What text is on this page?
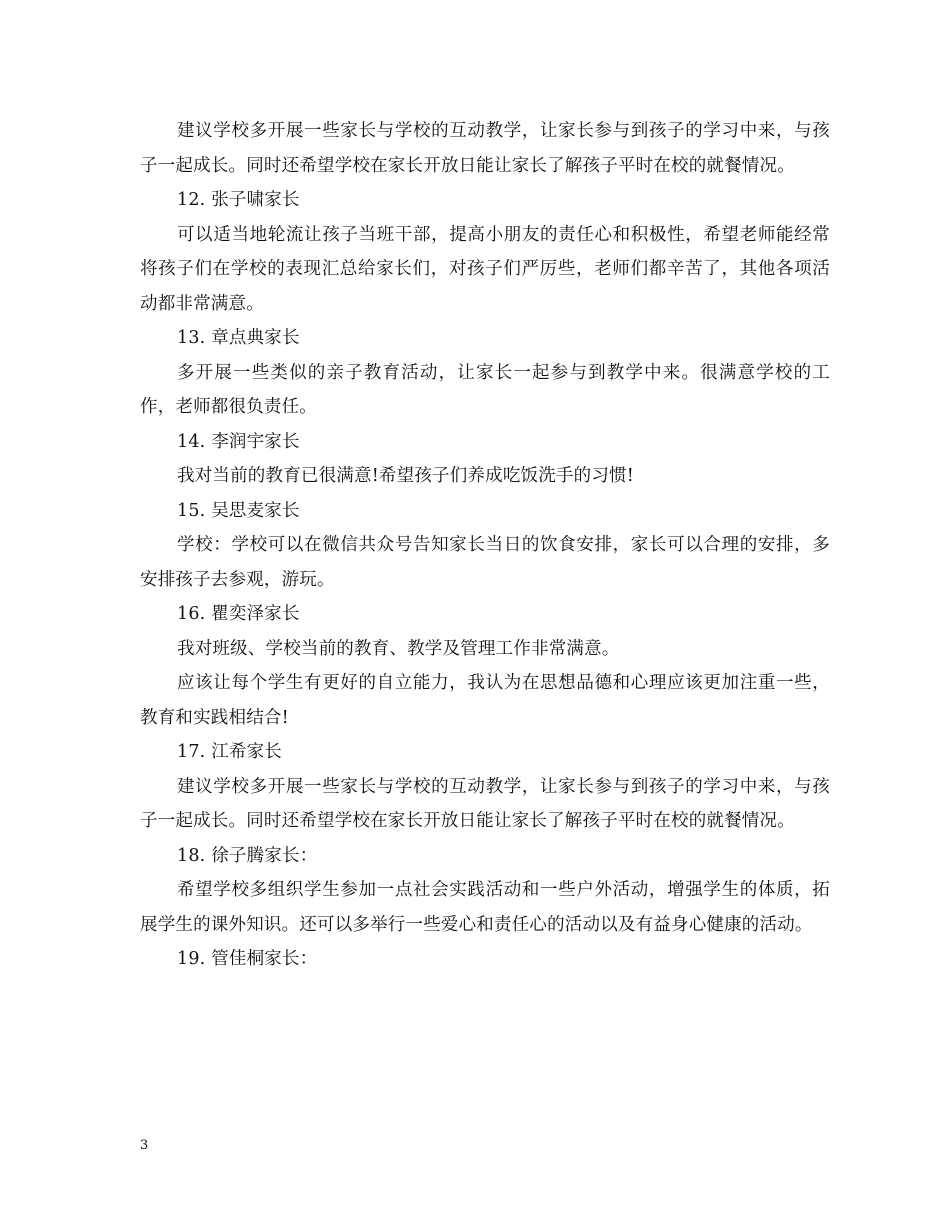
建议学校多开展一些家长与学校的互动教学，让家长参与到孩子的学习中来，与孩子一起成长。同时还希望学校在家长开放日能让家长了解孩子平时在校的就餐情况。

12. 张子啸家长

可以适当地轮流让孩子当班干部，提高小朋友的责任心和积极性，希望老师能经常将孩子们在学校的表现汇总给家长们，对孩子们严厉些，老师们都辛苦了，其他各项活动都非常满意。

13. 章点典家长

多开展一些类似的亲子教育活动，让家长一起参与到教学中来。很满意学校的工作，老师都很负责任。

14. 李润宇家长

我对当前的教育已很满意!希望孩子们养成吃饭洗手的习惯!

15. 吴思麦家长

学校：学校可以在微信共众号告知家长当日的饮食安排，家长可以合理的安排，多安排孩子去参观，游玩。

16. 瞿奕泽家长

我对班级、学校当前的教育、教学及管理工作非常满意。

应该让每个学生有更好的自立能力，我认为在思想品德和心理应该更加注重一些，教育和实践相结合!

17. 江希家长

建议学校多开展一些家长与学校的互动教学，让家长参与到孩子的学习中来，与孩子一起成长。同时还希望学校在家长开放日能让家长了解孩子平时在校的就餐情况。

18. 徐子腾家长：

希望学校多组织学生参加一点社会实践活动和一些户外活动，增强学生的体质，拓展学生的课外知识。还可以多举行一些爱心和责任心的活动以及有益身心健康的活动。

19. 管佳桐家长：

3
